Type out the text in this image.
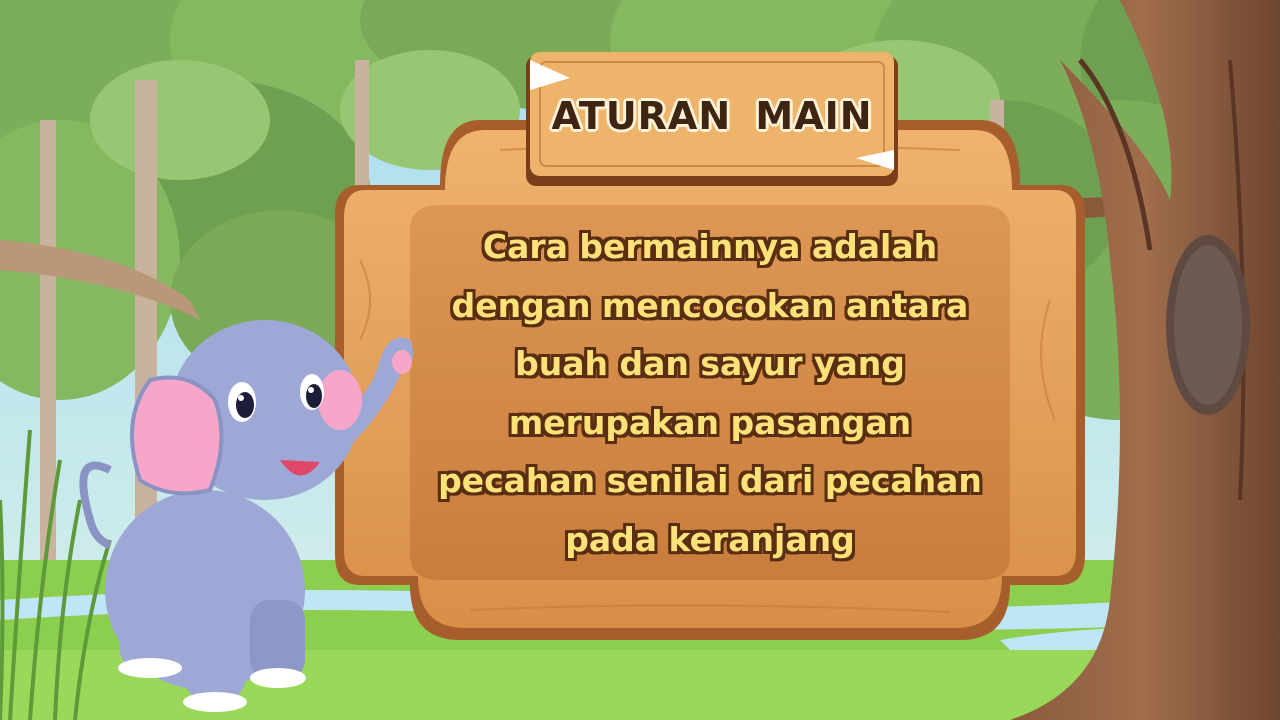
ATURAN MAIN
Cara bermainnya adalah
dengan mencocokan antara
buah dan sayur yang
merupakan pasangan
pecahan senilai dari pecahan
pada keranjang
